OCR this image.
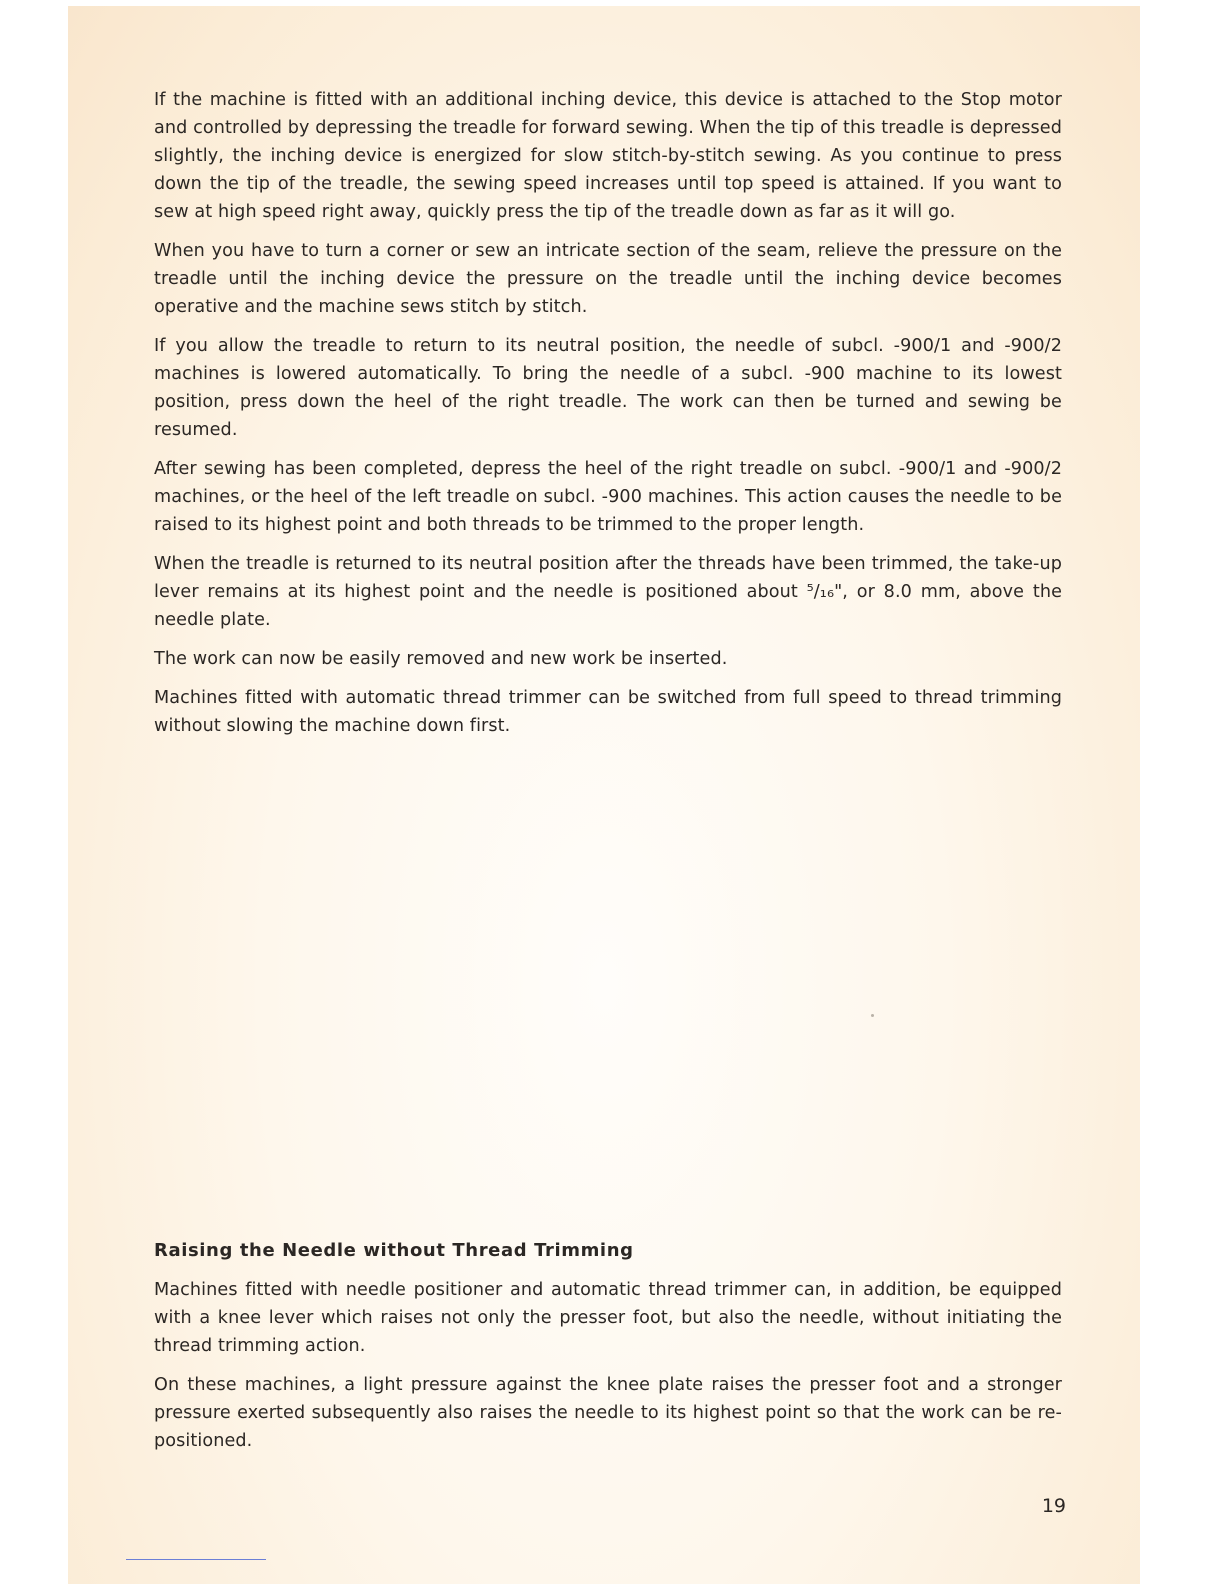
If the machine is fitted with an additional inching device, this device is attached to the Stop motor and controlled by depressing the treadle for forward sewing. When the tip of this treadle is depressed slightly, the inching device is energized for slow stitch-by-stitch sewing. As you continue to press down the tip of the treadle, the sewing speed increases until top speed is attained. If you want to sew at high speed right away, quickly press the tip of the treadle down as far as it will go.

When you have to turn a corner or sew an intricate section of the seam, relieve the pressure on the treadle until the inching device the pressure on the treadle until the inching device becomes operative and the machine sews stitch by stitch.

If you allow the treadle to return to its neutral position, the needle of subcl. -900/1 and -900/2 machines is lowered automatically. To bring the needle of a subcl. -900 machine to its lowest position, press down the heel of the right treadle. The work can then be turned and sewing be resumed.

After sewing has been completed, depress the heel of the right treadle on subcl. -900/1 and -900/2 machines, or the heel of the left treadle on subcl. -900 machines. This action causes the needle to be raised to its highest point and both threads to be trimmed to the proper length.

When the treadle is returned to its neutral position after the threads have been trimmed, the take-up lever remains at its highest point and the needle is positioned about ⁵/₁₆", or 8.0 mm, above the needle plate.

The work can now be easily removed and new work be inserted.

Machines fitted with automatic thread trimmer can be switched from full speed to thread trimming without slowing the machine down first.

Raising the Needle without Thread Trimming

Machines fitted with needle positioner and automatic thread trimmer can, in addition, be equipped with a knee lever which raises not only the presser foot, but also the needle, without initiating the thread trimming action.

On these machines, a light pressure against the knee plate raises the presser foot and a stronger pressure exerted subsequently also raises the needle to its highest point so that the work can be re-positioned.

19
